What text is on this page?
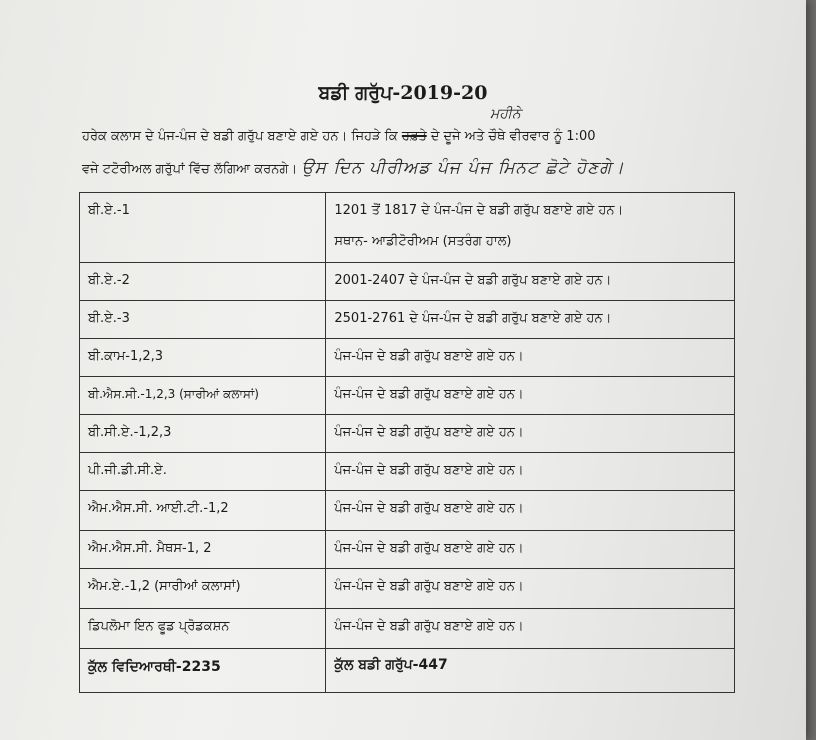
ਬਡੀ ਗਰੁੱਪ-2019-20
ਮਹੀਨੇ
ਹਰੇਕ ਕਲਾਸ ਦੇ ਪੰਜ-ਪੰਜ ਦੇ ਬਡੀ ਗਰੁੱਪ ਬਣਾਏ ਗਏ ਹਨ। ਜਿਹੜੇ ਕਿ ਹਫ਼ਤੇ ਦੇ ਦੂਜੇ ਅਤੇ ਚੌਥੇ ਵੀਰਵਾਰ ਨੂੰ 1:00
ਵਜੇ ਟਟੋਰੀਅਲ ਗਰੁੱਪਾਂ ਵਿੱਚ ਲੱਗਿਆ ਕਰਨਗੇ। ਉਸ ਦਿਨ ਪੀਰੀਅਡ ਪੰਜ ਪੰਜ ਮਿਨਟ ਛੋਟੇ ਹੋਣਗੇ।
ਬੀ.ਏ.-1	1201 ਤੋਂ 1817 ਦੇ ਪੰਜ-ਪੰਜ ਦੇ ਬਡੀ ਗਰੁੱਪ ਬਣਾਏ ਗਏ ਹਨ।
ਸਥਾਨ- ਆਡੀਟੋਰੀਅਮ (ਸਤਰੰਗ ਹਾਲ)

ਬੀ.ਏ.-2	2001-2407 ਦੇ ਪੰਜ-ਪੰਜ ਦੇ ਬਡੀ ਗਰੁੱਪ ਬਣਾਏ ਗਏ ਹਨ।
ਬੀ.ਏ.-3	2501-2761 ਦੇ ਪੰਜ-ਪੰਜ ਦੇ ਬਡੀ ਗਰੁੱਪ ਬਣਾਏ ਗਏ ਹਨ।
ਬੀ.ਕਾਮ-1,2,3	ਪੰਜ-ਪੰਜ ਦੇ ਬਡੀ ਗਰੁੱਪ ਬਣਾਏ ਗਏ ਹਨ।
ਬੀ.ਐਸ.ਸੀ.-1,2,3 (ਸਾਰੀਆਂ ਕਲਾਸਾਂ)	ਪੰਜ-ਪੰਜ ਦੇ ਬਡੀ ਗਰੁੱਪ ਬਣਾਏ ਗਏ ਹਨ।
ਬੀ.ਸੀ.ਏ.-1,2,3	ਪੰਜ-ਪੰਜ ਦੇ ਬਡੀ ਗਰੁੱਪ ਬਣਾਏ ਗਏ ਹਨ।
ਪੀ.ਜੀ.ਡੀ.ਸੀ.ਏ.	ਪੰਜ-ਪੰਜ ਦੇ ਬਡੀ ਗਰੁੱਪ ਬਣਾਏ ਗਏ ਹਨ।
ਐਮ.ਐਸ.ਸੀ. ਆਈ.ਟੀ.-1,2	ਪੰਜ-ਪੰਜ ਦੇ ਬਡੀ ਗਰੁੱਪ ਬਣਾਏ ਗਏ ਹਨ।
ਐਮ.ਐਸ.ਸੀ. ਮੈਥਸ-1, 2	ਪੰਜ-ਪੰਜ ਦੇ ਬਡੀ ਗਰੁੱਪ ਬਣਾਏ ਗਏ ਹਨ।
ਐਮ.ਏ.-1,2 (ਸਾਰੀਆਂ ਕਲਾਸਾਂ)	ਪੰਜ-ਪੰਜ ਦੇ ਬਡੀ ਗਰੁੱਪ ਬਣਾਏ ਗਏ ਹਨ।
ਡਿਪਲੋਮਾ ਇਨ ਫੂਡ ਪ੍ਰੋਡਕਸ਼ਨ	ਪੰਜ-ਪੰਜ ਦੇ ਬਡੀ ਗਰੁੱਪ ਬਣਾਏ ਗਏ ਹਨ।
ਕੁੱਲ ਵਿਦਿਆਰਥੀ-2235	ਕੁੱਲ ਬਡੀ ਗਰੁੱਪ-447
